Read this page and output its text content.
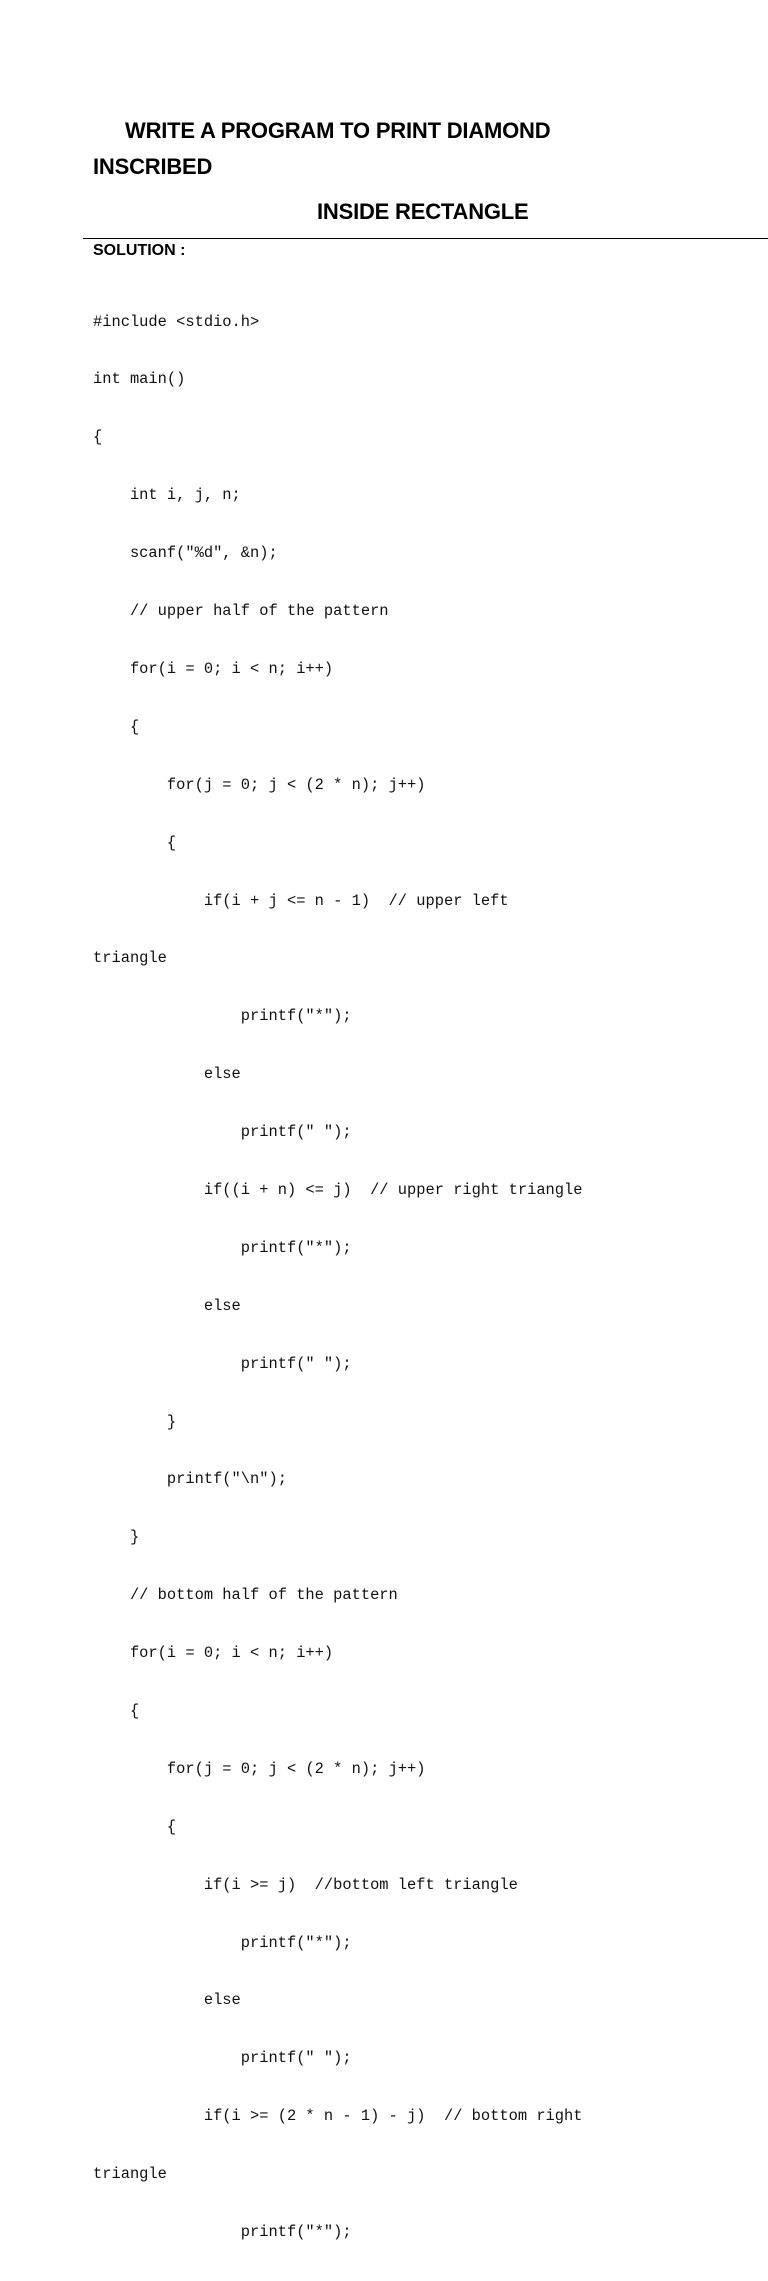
WRITE A PROGRAM TO PRINT DIAMOND
INSCRIBED
INSIDE RECTANGLE
SOLUTION :

#include <stdio.h>

int main()

{

int i, j, n;

scanf("%d", &n);

// upper half of the pattern

for(i = 0; i < n; i++)

{

for(j = 0; j < (2 * n); j++)

{

if(i + j <= n - 1)  // upper left

triangle

printf("*");

else

printf(" ");

if((i + n) <= j)  // upper right triangle

printf("*");

else

printf(" ");

}

printf("\n");

}

// bottom half of the pattern

for(i = 0; i < n; i++)

{

for(j = 0; j < (2 * n); j++)

{

if(i >= j)  //bottom left triangle

printf("*");

else

printf(" ");

if(i >= (2 * n - 1) - j)  // bottom right

triangle

printf("*");
